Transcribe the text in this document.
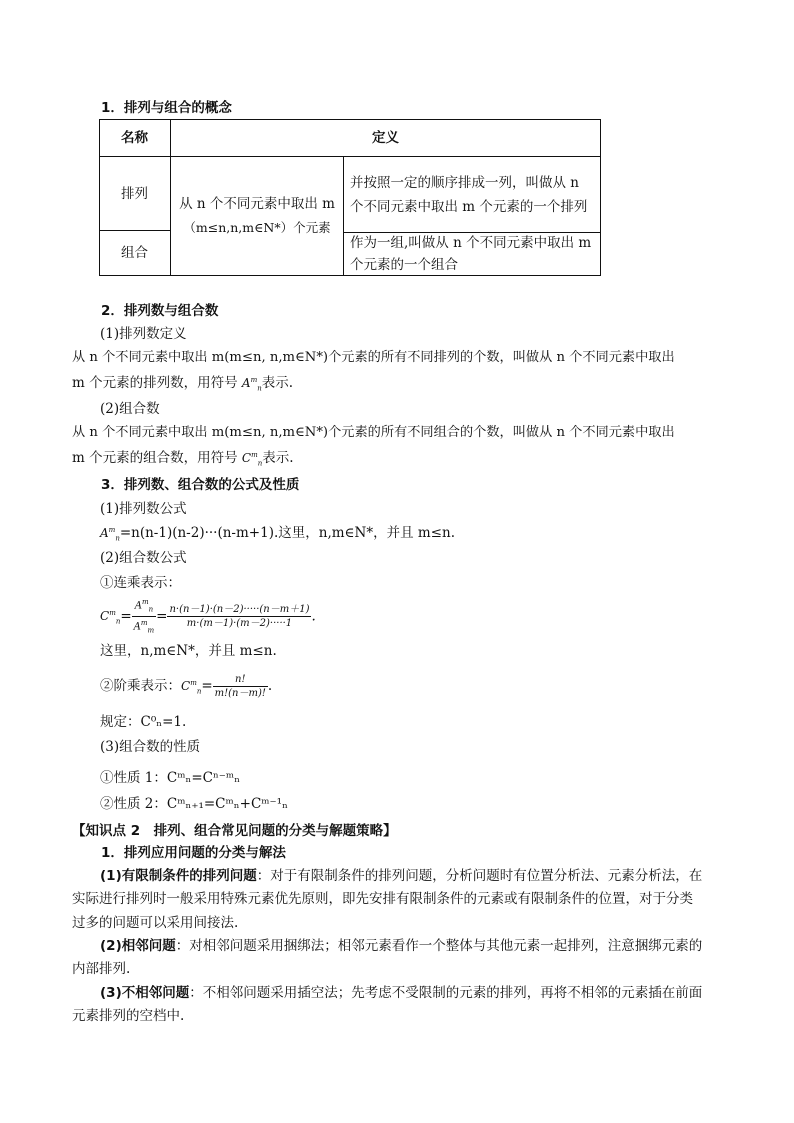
1．排列与组合的概念
名称	定义
排列
组合
从 n 个不同元素中取出 m
（m≤n,n,m∈N*）个元素
并按照一定的顺序排成一列，叫做从 n
个不同元素中取出 m 个元素的一个排列
作为一组,叫做从 n 个不同元素中取出 m
个元素的一个组合
2．排列数与组合数
(1)排列数定义
从 n 个不同元素中取出 m(m≤n, n,m∈N*)个元素的所有不同排列的个数，叫做从 n 个不同元素中取出
m 个元素的排列数，用符号 $A^m_n$表示.
(2)组合数
从 n 个不同元素中取出 m(m≤n, n,m∈N*)个元素的所有不同组合的个数，叫做从 n 个不同元素中取出
m 个元素的组合数，用符号 $C^m_n$表示.
3．排列数、组合数的公式及性质
(1)排列数公式
$A^m_n=n(n-1)(n-2)\cdot\cdot\cdot(n-m+1)$.这里，n,m∈N*，并且 m≤n.
(2)组合数公式
①连乘表示：
$C^m_n= \frac{A^m_n}{A^m_m} = \frac{n\cdot(n-1)\cdot(n-2)\cdot\cdot\cdot\cdot\cdot(n-m+1)}{m\cdot(m-1)\cdot(m-2)\cdot\cdot\cdot\cdot\cdot 1}$ .
这里，n,m∈N*，并且 m≤n.
②阶乘表示：$C^m_n= \frac{n!}{m!(n-m)!}$ .
规定：C⁰ₙ=1.
(3)组合数的性质
①性质 1：Cᵐₙ=Cⁿ⁻ᵐₙ
②性质 2：Cᵐₙ₊₁=Cᵐₙ+Cᵐ⁻¹ₙ
【知识点 2　排列、组合常见问题的分类与解题策略】
1．排列应用问题的分类与解法
(1)有限制条件的排列问题：对于有限制条件的排列问题，分析问题时有位置分析法、元素分析法，在
实际进行排列时一般采用特殊元素优先原则，即先安排有限制条件的元素或有限制条件的位置，对于分类
过多的问题可以采用间接法.
(2)相邻问题：对相邻问题采用捆绑法；相邻元素看作一个整体与其他元素一起排列，注意捆绑元素的
内部排列.
(3)不相邻问题：不相邻问题采用插空法；先考虑不受限制的元素的排列，再将不相邻的元素插在前面
元素排列的空档中.
